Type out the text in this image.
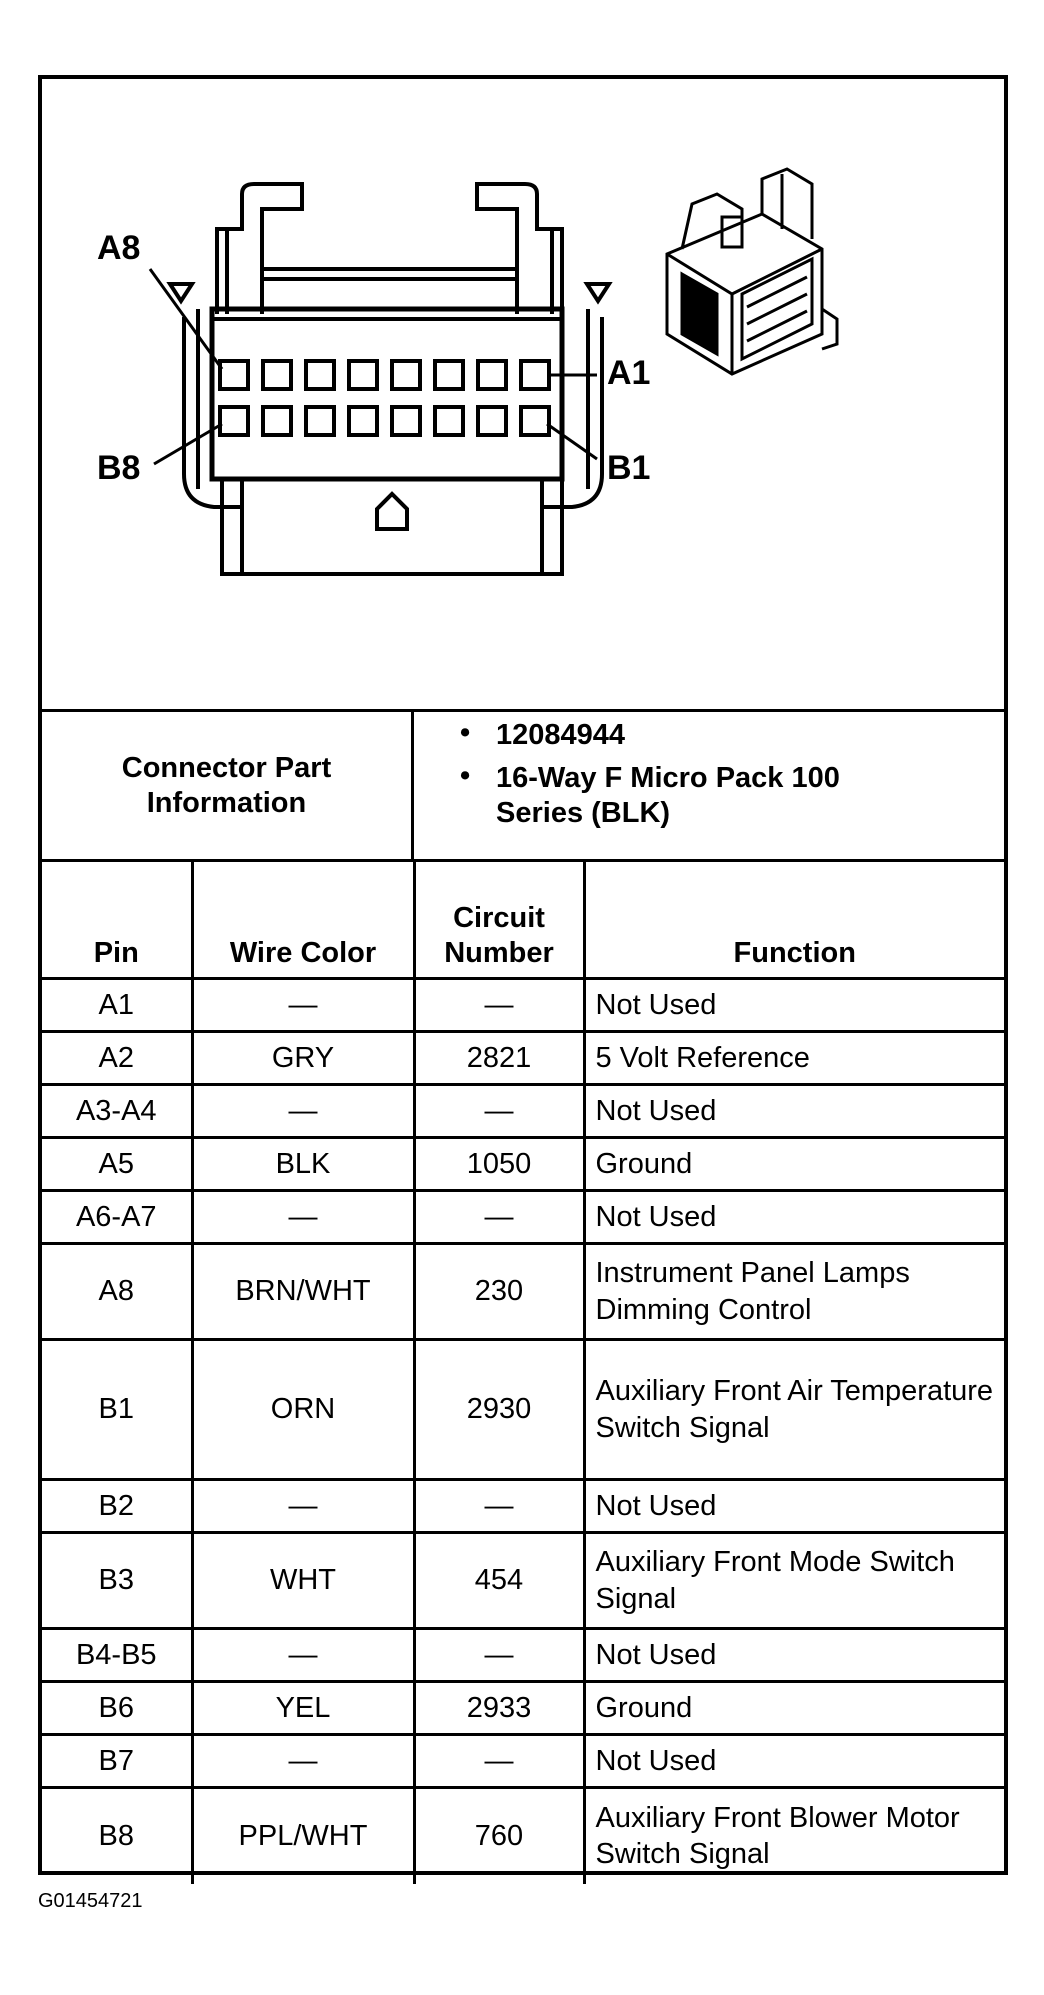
A8
A1
B8	B1
Connector Part Information
• 12084944
• 16-Way F Micro Pack 100 Series (BLK)
Pin	Wire Color	Circuit Number	Function
A1	—	—	Not Used
A2	GRY	2821	5 Volt Reference
A3-A4	—	—	Not Used
A5	BLK	1050	Ground
A6-A7	—	—	Not Used
A8	BRN/WHT	230	Instrument Panel Lamps Dimming Control
B1	ORN	2930	Auxiliary Front Air Temperature Switch Signal
B2	—	—	Not Used
B3	WHT	454	Auxiliary Front Mode Switch Signal
B4-B5	—	—	Not Used
B6	YEL	2933	Ground
B7	—	—	Not Used
B8	PPL/WHT	760	Auxiliary Front Blower Motor Switch Signal
G01454721
